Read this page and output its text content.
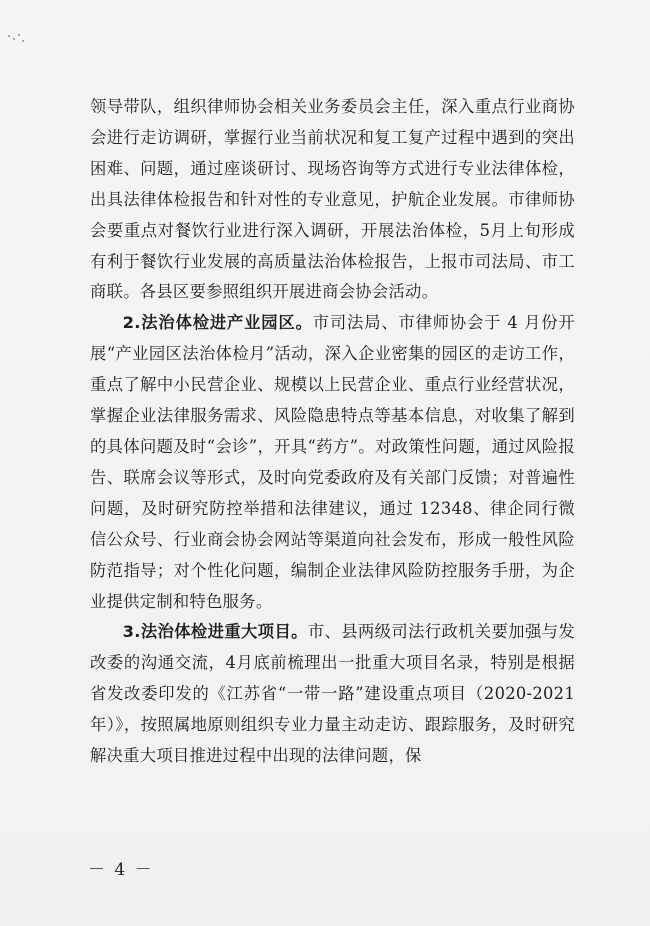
领导带队，组织律师协会相关业务委员会主任，深入重点行业商协会进行走访调研，掌握行业当前状况和复工复产过程中遇到的突出困难、问题，通过座谈研讨、现场咨询等方式进行专业法律体检，出具法律体检报告和针对性的专业意见，护航企业发展。市律师协会要重点对餐饮行业进行深入调研，开展法治体检，5月上旬形成有利于餐饮行业发展的高质量法治体检报告，上报市司法局、市工商联。各县区要参照组织开展进商会协会活动。

2.法治体检进产业园区。市司法局、市律师协会于 4 月份开展“产业园区法治体检月”活动，深入企业密集的园区的走访工作，重点了解中小民营企业、规模以上民营企业、重点行业经营状况，掌握企业法律服务需求、风险隐患特点等基本信息，对收集了解到的具体问题及时“会诊”，开具“药方”。对政策性问题，通过风险报告、联席会议等形式，及时向党委政府及有关部门反馈；对普遍性问题，及时研究防控举措和法律建议，通过 12348、律企同行微信公众号、行业商会协会网站等渠道向社会发布，形成一般性风险防范指导；对个性化问题，编制企业法律风险防控服务手册，为企业提供定制和特色服务。

3.法治体检进重大项目。市、县两级司法行政机关要加强与发改委的沟通交流，4月底前梳理出一批重大项目名录，特别是根据省发改委印发的《江苏省“一带一路”建设重点项目（2020-2021 年）》，按照属地原则组织专业力量主动走访、跟踪服务，及时研究解决重大项目推进过程中出现的法律问题，保

－ 4 －
